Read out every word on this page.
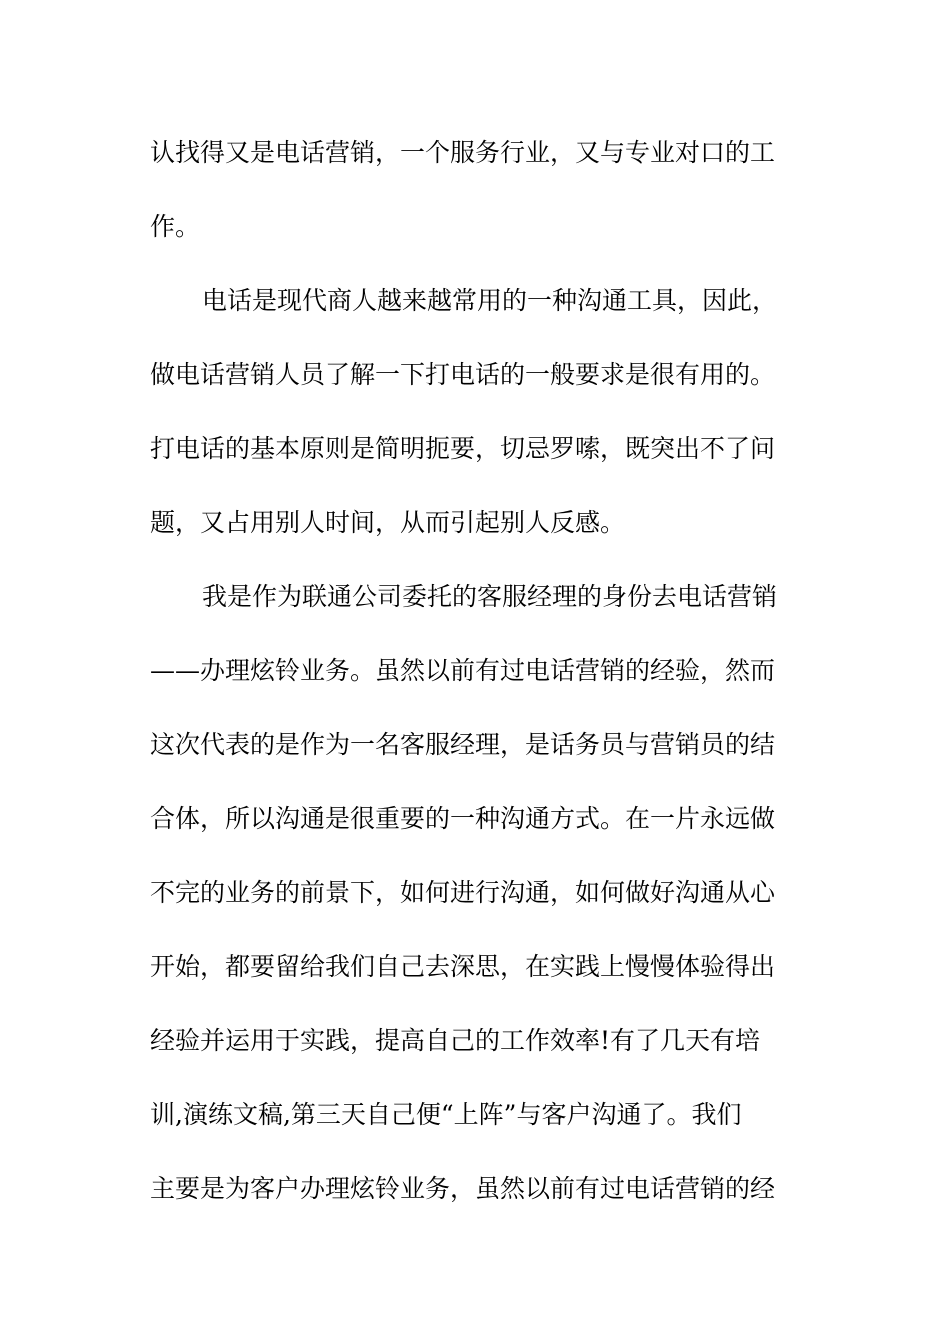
认找得又是电话营销，一个服务行业，又与专业对口的工
作。
电话是现代商人越来越常用的一种沟通工具，因此，
做电话营销人员了解一下打电话的一般要求是很有用的。
打电话的基本原则是简明扼要，切忌罗嗦，既突出不了问
题，又占用别人时间，从而引起别人反感。
我是作为联通公司委托的客服经理的身份去电话营销
——办理炫铃业务。虽然以前有过电话营销的经验，然而
这次代表的是作为一名客服经理，是话务员与营销员的结
合体，所以沟通是很重要的一种沟通方式。在一片永远做
不完的业务的前景下，如何进行沟通，如何做好沟通从心
开始，都要留给我们自己去深思，在实践上慢慢体验得出
经验并运用于实践，提高自己的工作效率!有了几天有培
训,演练文稿,第三天自己便“上阵”与客户沟通了。我们
主要是为客户办理炫铃业务，虽然以前有过电话营销的经
